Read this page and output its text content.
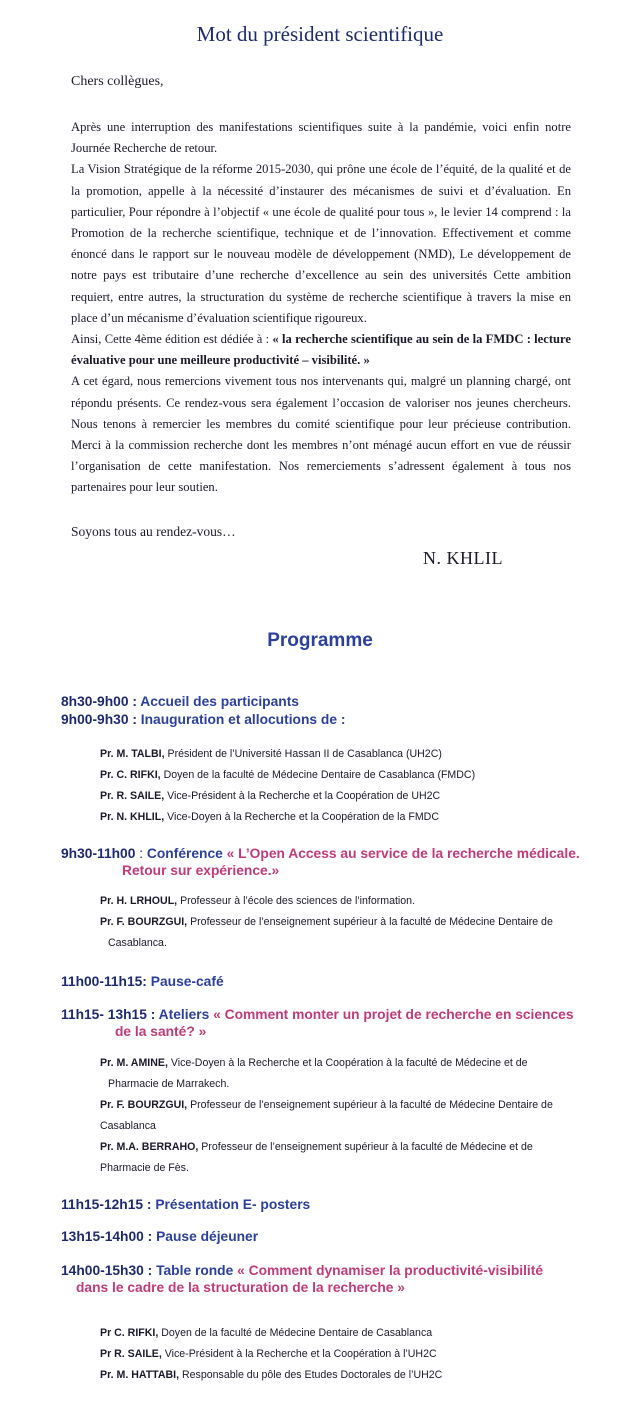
Mot du président scientifique
Chers collègues,

Après une interruption des manifestations scientifiques suite à la pandémie, voici enfin notre Journée Recherche de retour.

La Vision Stratégique de la réforme 2015-2030, qui prône une école de l’équité, de la qualité et de la promotion, appelle à la nécessité d’instaurer des mécanismes de suivi et d’évaluation. En particulier, Pour répondre à l’objectif « une école de qualité pour tous », le levier 14 comprend : la Promotion de la recherche scientifique, technique et de l’innovation. Effectivement et comme énoncé dans le rapport sur le nouveau modèle de développement (NMD), Le développement de notre pays est tributaire d’une recherche d’excellence au sein des universités Cette ambition requiert, entre autres, la structuration du système de recherche scientifique à travers la mise en place d’un mécanisme d’évaluation scientifique rigoureux.

Ainsi, Cette 4ème édition est dédiée à : « la recherche scientifique au sein de la FMDC : lecture évaluative pour une meilleure productivité – visibilité. »

A cet égard, nous remercions vivement tous nos intervenants qui, malgré un planning chargé, ont répondu présents. Ce rendez-vous sera également l’occasion de valoriser nos jeunes chercheurs. Nous tenons à remercier les membres du comité scientifique pour leur précieuse contribution. Merci à la commission recherche dont les membres n’ont ménagé aucun effort en vue de réussir l’organisation de cette manifestation. Nos remerciements s’adressent également à tous nos partenaires pour leur soutien.

Soyons tous au rendez-vous…
N. KHLIL
Programme
8h30-9h00 : Accueil des participants
9h00-9h30 : Inauguration et allocutions de :
Pr. M. TALBI, Président de l’Université Hassan II de Casablanca (UH2C)
Pr. C. RIFKI, Doyen de la faculté de Médecine Dentaire de Casablanca (FMDC)
Pr. R. SAILE, Vice-Président à la Recherche et la Coopération de UH2C
Pr. N. KHLIL, Vice-Doyen à la Recherche et la Coopération de la FMDC
9h30-11h00 : Conférence « L’Open Access au service de la recherche médicale.
Retour sur expérience.»
Pr. H. LRHOUL, Professeur à l’école des sciences de l’information.
Pr. F. BOURZGUI, Professeur de l’enseignement supérieur à la faculté de Médecine Dentaire de
Casablanca.
11h00-11h15: Pause-café
11h15- 13h15 : Ateliers « Comment monter un projet de recherche en sciences
de la santé? »
Pr. M. AMINE, Vice-Doyen à la Recherche et la Coopération à la faculté de Médecine et de
Pharmacie de Marrakech.
Pr. F. BOURZGUI, Professeur de l’enseignement supérieur à la faculté de Médecine Dentaire de
Casablanca
Pr. M.A. BERRAHO, Professeur de l’enseignement supérieur à la faculté de Médecine et de
Pharmacie de Fès.
11h15-12h15 : Présentation E- posters
13h15-14h00 : Pause déjeuner
14h00-15h30 : Table ronde « Comment dynamiser la productivité-visibilité
dans le cadre de la structuration de la recherche »
Pr C. RIFKI, Doyen de la faculté de Médecine Dentaire de Casablanca
Pr R. SAILE, Vice-Président à la Recherche et la Coopération à l’UH2C
Pr. M. HATTABI, Responsable du pôle des Etudes Doctorales de l’UH2C
